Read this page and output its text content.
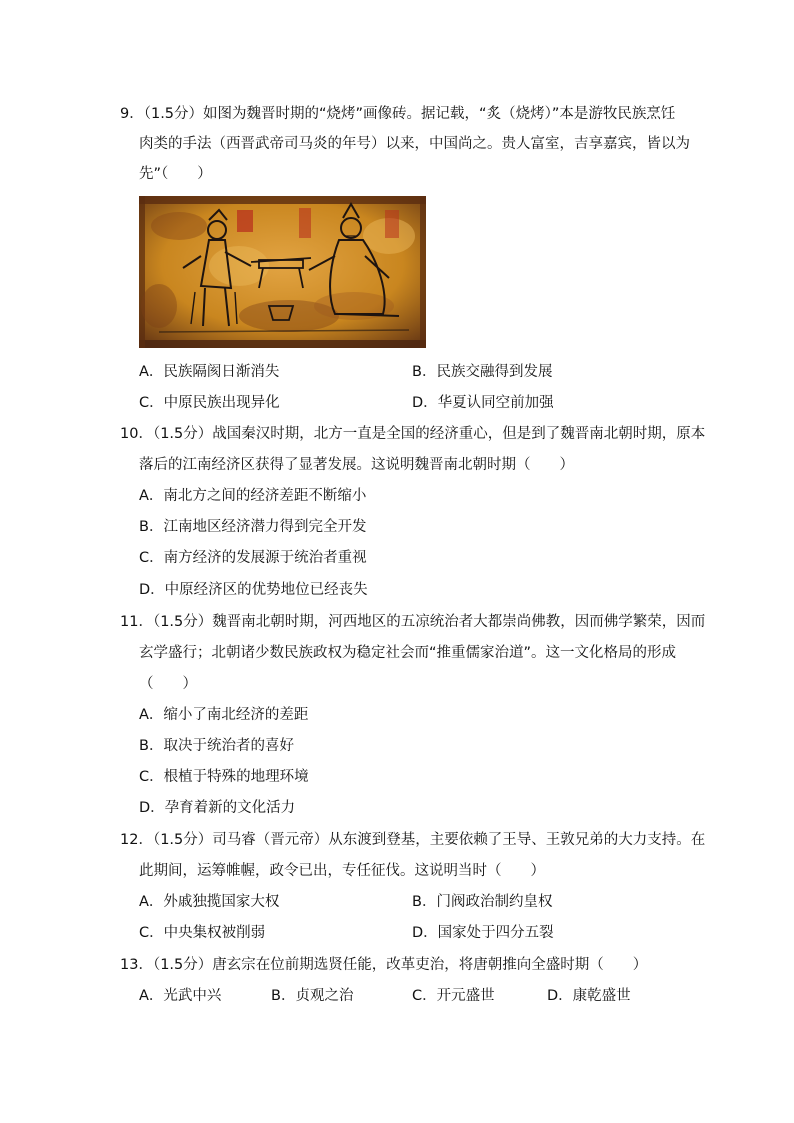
9．（1.5分）如图为魏晋时期的“烧烤”画像砖。据记载，“炙（烧烤）”本是游牧民族烹饪
肉类的手法（西晋武帝司马炎的年号）以来，中国尚之。贵人富室，吉享嘉宾，皆以为
先”（　　）
A．民族隔阂日渐消失	B．民族交融得到发展
C．中原民族出现异化	D．华夏认同空前加强
10．（1.5分）战国秦汉时期，北方一直是全国的经济重心，但是到了魏晋南北朝时期，原本
落后的江南经济区获得了显著发展。这说明魏晋南北朝时期（　　）
A．南北方之间的经济差距不断缩小
B．江南地区经济潜力得到完全开发
C．南方经济的发展源于统治者重视
D．中原经济区的优势地位已经丧失
11．（1.5分）魏晋南北朝时期，河西地区的五凉统治者大都崇尚佛教，因而佛学繁荣，因而
玄学盛行；北朝诸少数民族政权为稳定社会而“推重儒家治道”。这一文化格局的形成
（　　）
A．缩小了南北经济的差距
B．取决于统治者的喜好
C．根植于特殊的地理环境
D．孕育着新的文化活力
12．（1.5分）司马睿（晋元帝）从东渡到登基，主要依赖了王导、王敦兄弟的大力支持。在
此期间，运筹帷幄，政令已出，专任征伐。这说明当时（　　）
A．外戚独揽国家大权	B．门阀政治制约皇权
C．中央集权被削弱	D．国家处于四分五裂
13．（1.5分）唐玄宗在位前期选贤任能，改革吏治，将唐朝推向全盛时期（　　）
A．光武中兴	B．贞观之治	C．开元盛世	D．康乾盛世
